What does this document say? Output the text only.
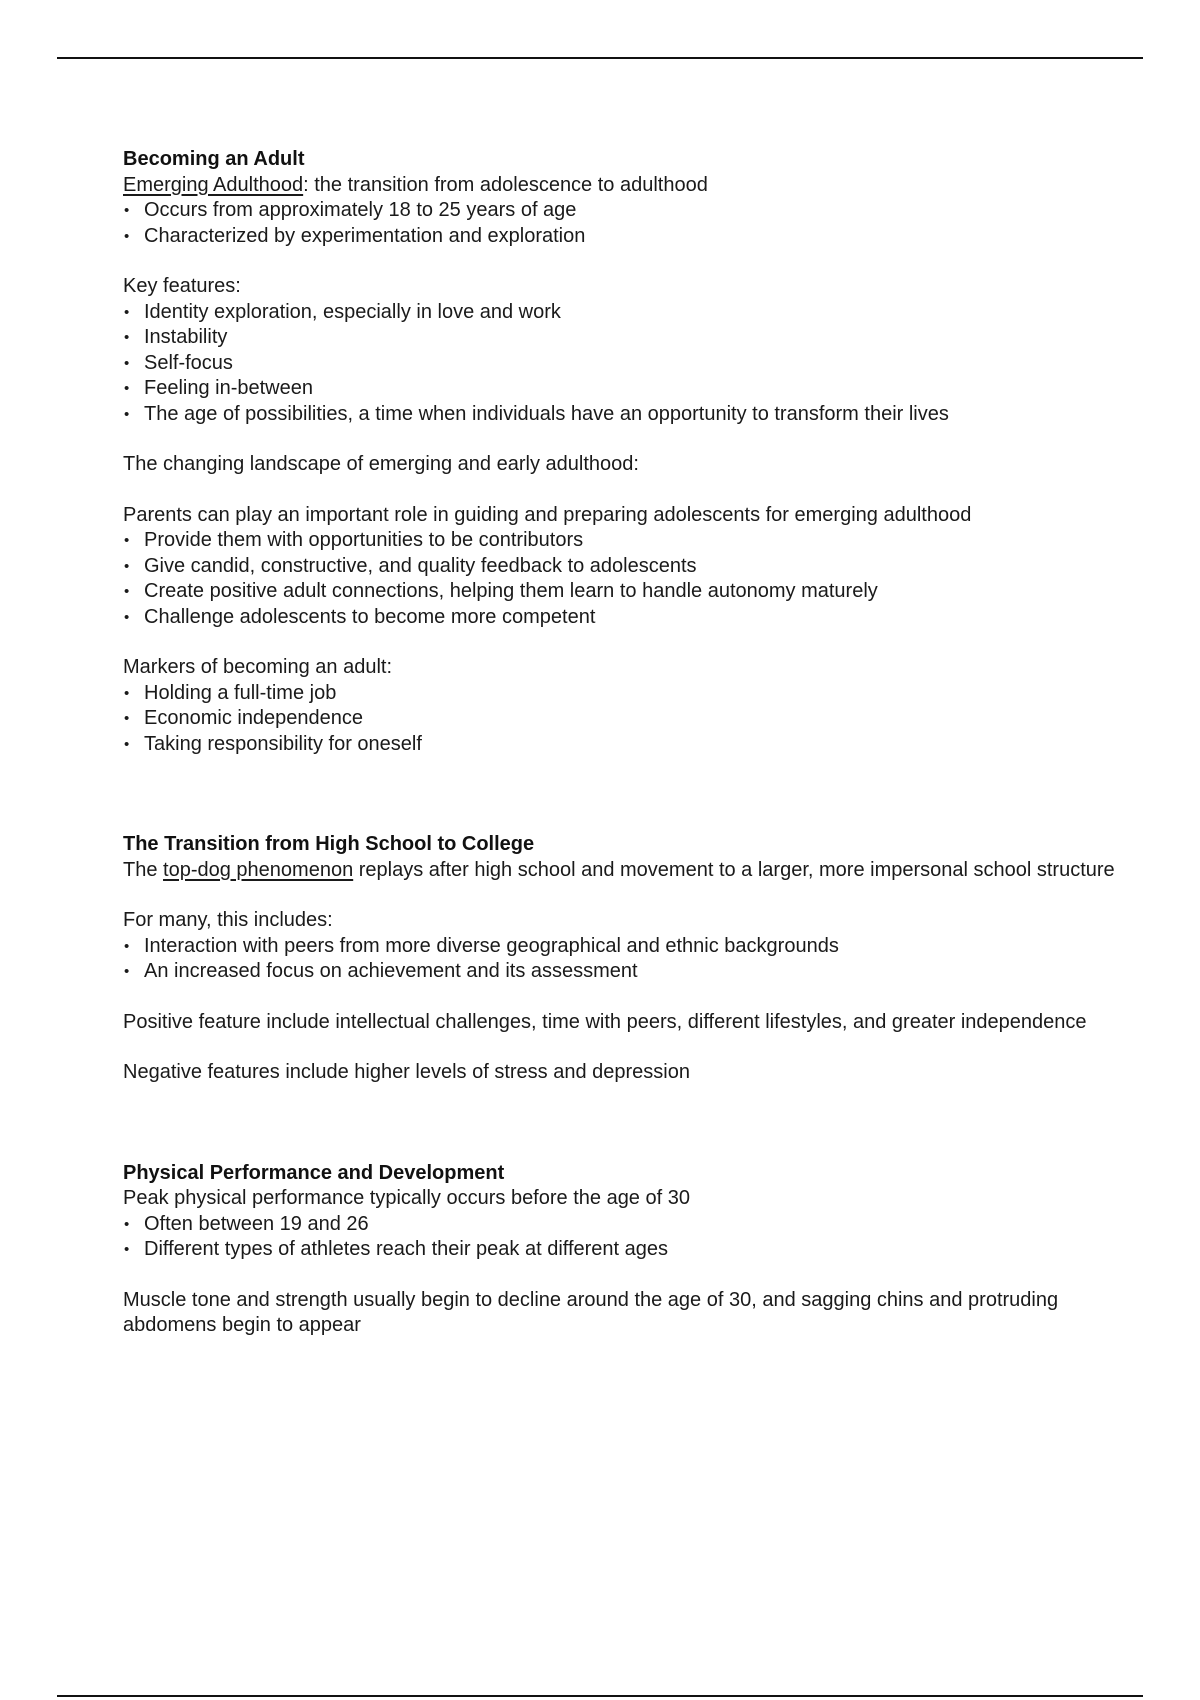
Becoming an Adult

Emerging Adulthood: the transition from adolescence to adulthood

• Occurs from approximately 18 to 25 years of age
• Characterized by experimentation and exploration

Key features:

• Identity exploration, especially in love and work
• Instability
• Self-focus
• Feeling in-between
• The age of possibilities, a time when individuals have an opportunity to transform their lives

The changing landscape of emerging and early adulthood:

Parents can play an important role in guiding and preparing adolescents for emerging adulthood

• Provide them with opportunities to be contributors
• Give candid, constructive, and quality feedback to adolescents
• Create positive adult connections, helping them learn to handle autonomy maturely
• Challenge adolescents to become more competent

Markers of becoming an adult:

• Holding a full-time job
• Economic independence
• Taking responsibility for oneself
The Transition from High School to College

The top-dog phenomenon replays after high school and movement to a larger, more impersonal school structure

For many, this includes:

• Interaction with peers from more diverse geographical and ethnic backgrounds
• An increased focus on achievement and its assessment

Positive feature include intellectual challenges, time with peers, different lifestyles, and greater independence

Negative features include higher levels of stress and depression

Physical Performance and Development

Peak physical performance typically occurs before the age of 30

• Often between 19 and 26
• Different types of athletes reach their peak at different ages

Muscle tone and strength usually begin to decline around the age of 30, and sagging chins and protruding abdomens begin to appear
